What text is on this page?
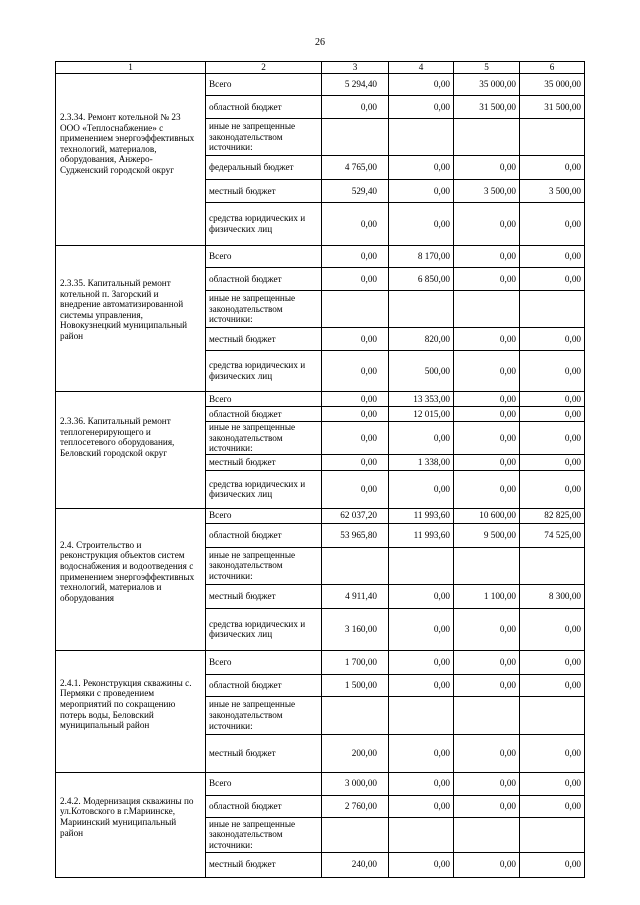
26
1	2	3	4	5	6

2.3.34. Ремонт котельной № 23 ООО «Теплоснабжение» с применением энергоэффективных технологий, материалов, оборудования, Анжеро-Судженский городской округ	Всего	5 294,40	0,00	35 000,00	35 000,00
	областной бюджет	0,00	0,00	31 500,00	31 500,00
	иные не запрещенные законодательством источники:				
	федеральный бюджет	4 765,00	0,00	0,00	0,00
	местный бюджет	529,40	0,00	3 500,00	3 500,00
	средства юридических и физических лиц	0,00	0,00	0,00	0,00

2.3.35. Капитальный ремонт котельной п. Загорский и внедрение автоматизированной системы управления, Новокузнецкий муниципальный район	Всего	0,00	8 170,00	0,00	0,00
	областной бюджет	0,00	6 850,00	0,00	0,00
	иные не запрещенные законодательством источники:				
	местный бюджет	0,00	820,00	0,00	0,00
	средства юридических и физических лиц	0,00	500,00	0,00	0,00

2.3.36. Капитальный ремонт теплогенерирующего и теплосетевого оборудования, Беловский городской округ	Всего	0,00	13 353,00	0,00	0,00
	областной бюджет	0,00	12 015,00	0,00	0,00
	иные не запрещенные законодательством источники:	0,00	0,00	0,00	0,00
	местный бюджет	0,00	1 338,00	0,00	0,00
	средства юридических и физических лиц	0,00	0,00	0,00	0,00

2.4. Строительство и реконструкция объектов систем водоснабжения и водоотведения с применением энергоэффективных технологий, материалов и оборудования	Всего	62 037,20	11 993,60	10 600,00	82 825,00
	областной бюджет	53 965,80	11 993,60	9 500,00	74 525,00
	иные не запрещенные законодательством источники:				
	местный бюджет	4 911,40	0,00	1 100,00	8 300,00
	средства юридических и физических лиц	3 160,00	0,00	0,00	0,00

2.4.1. Реконструкция скважины с. Пермяки с проведением мероприятий по сокращению потерь воды, Беловский муниципальный район	Всего	1 700,00	0,00	0,00	0,00
	областной бюджет	1 500,00	0,00	0,00	0,00
	иные не запрещенные законодательством источники:				
	местный бюджет	200,00	0,00	0,00	0,00

2.4.2. Модернизация скважины по ул.Котовского в г.Мариинске, Мариинский муниципальный район	Всего	3 000,00	0,00	0,00	0,00
	областной бюджет	2 760,00	0,00	0,00	0,00
	иные не запрещенные законодательством источники:				
	местный бюджет	240,00	0,00	0,00	0,00
